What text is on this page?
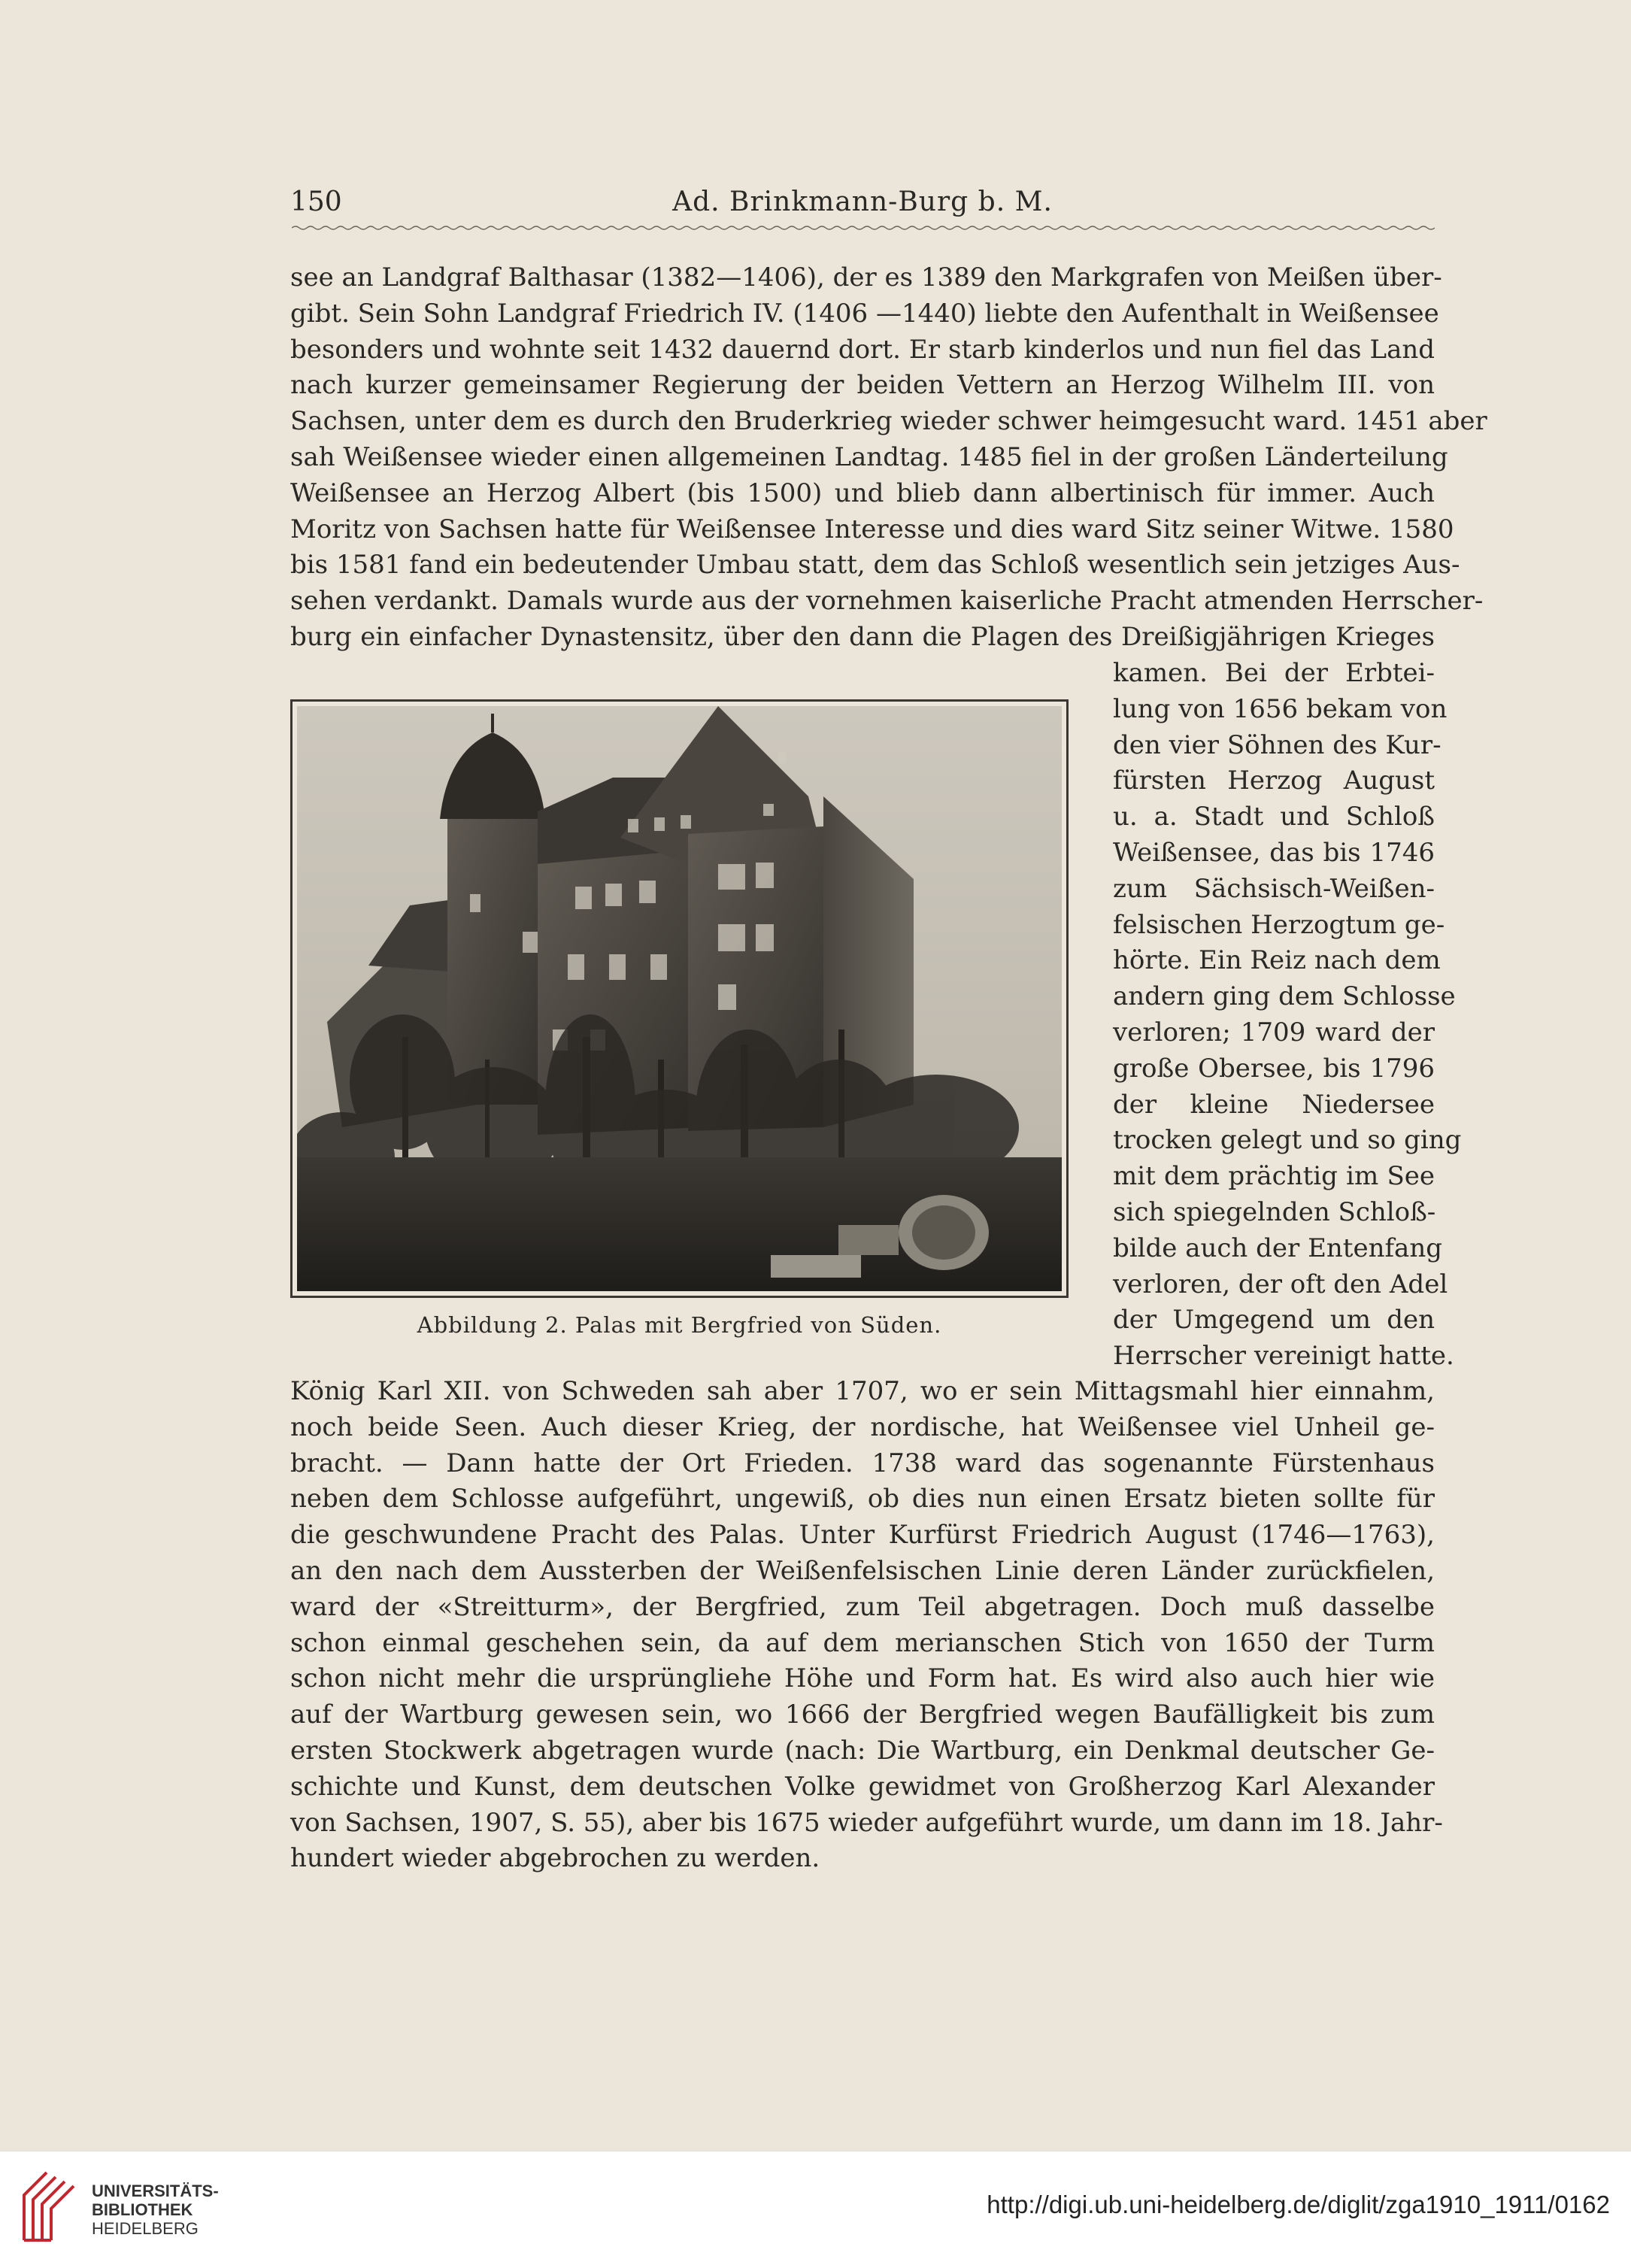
150	Ad. Brinkmann-Burg b. M.
see an Landgraf Balthasar (1382—1406), der es 1389 den Markgrafen von Meißen über-
gibt. Sein Sohn Landgraf Friedrich IV. (1406 —1440) liebte den Aufenthalt in Weißensee
besonders und wohnte seit 1432 dauernd dort. Er starb kinderlos und nun fiel das Land
nach kurzer gemeinsamer Regierung der beiden Vettern an Herzog Wilhelm III. von
Sachsen, unter dem es durch den Bruderkrieg wieder schwer heimgesucht ward. 1451 aber
sah Weißensee wieder einen allgemeinen Landtag. 1485 fiel in der großen Länderteilung
Weißensee an Herzog Albert (bis 1500) und blieb dann albertinisch für immer. Auch
Moritz von Sachsen hatte für Weißensee Interesse und dies ward Sitz seiner Witwe. 1580
bis 1581 fand ein bedeutender Umbau statt, dem das Schloß wesentlich sein jetziges Aus-
sehen verdankt. Damals wurde aus der vornehmen kaiserliche Pracht atmenden Herrscher-
burg ein einfacher Dynastensitz, über den dann die Plagen des Dreißigjährigen Krieges
Abbildung 2. Palas mit Bergfried von Süden.
kamen. Bei der Erbtei-
lung von 1656 bekam von
den vier Söhnen des Kur-
fürsten Herzog August
u. a. Stadt und Schloß
Weißensee, das bis 1746
zum Sächsisch-Weißen-
felsischen Herzogtum ge-
hörte. Ein Reiz nach dem
andern ging dem Schlosse
verloren; 1709 ward der
große Obersee, bis 1796
der kleine Niedersee
trocken gelegt und so ging
mit dem prächtig im See
sich spiegelnden Schloß-
bilde auch der Entenfang
verloren, der oft den Adel
der Umgegend um den
Herrscher vereinigt hatte.
König Karl XII. von Schweden sah aber 1707, wo er sein Mittagsmahl hier einnahm,
noch beide Seen. Auch dieser Krieg, der nordische, hat Weißensee viel Unheil ge-
bracht. — Dann hatte der Ort Frieden. 1738 ward das sogenannte Fürstenhaus
neben dem Schlosse aufgeführt, ungewiß, ob dies nun einen Ersatz bieten sollte für
die geschwundene Pracht des Palas. Unter Kurfürst Friedrich August (1746—1763),
an den nach dem Aussterben der Weißenfelsischen Linie deren Länder zurückfielen,
ward der «Streitturm», der Bergfried, zum Teil abgetragen. Doch muß dasselbe
schon einmal geschehen sein, da auf dem merianschen Stich von 1650 der Turm
schon nicht mehr die ursprüngliehe Höhe und Form hat. Es wird also auch hier wie
auf der Wartburg gewesen sein, wo 1666 der Bergfried wegen Baufälligkeit bis zum
ersten Stockwerk abgetragen wurde (nach: Die Wartburg, ein Denkmal deutscher Ge-
schichte und Kunst, dem deutschen Volke gewidmet von Großherzog Karl Alexander
von Sachsen, 1907, S. 55), aber bis 1675 wieder aufgeführt wurde, um dann im 18. Jahr-
hundert wieder abgebrochen zu werden.
UNIVERSITÄTS-
BIBLIOTHEK
HEIDELBERG
http://digi.ub.uni-heidelberg.de/diglit/zga1910_1911/0162
